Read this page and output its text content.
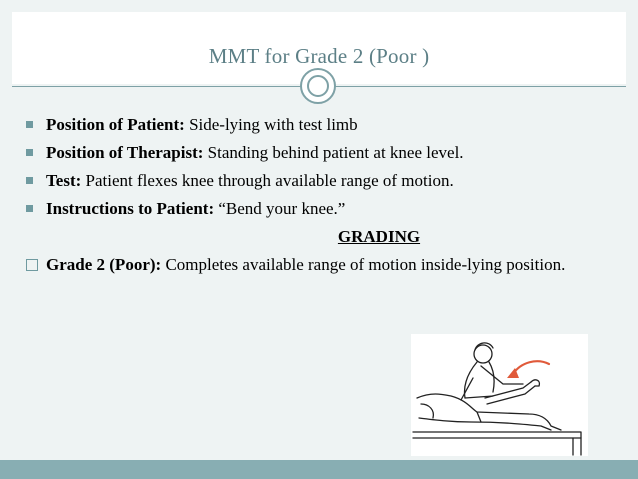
MMT for Grade 2 (Poor )
Position of Patient: Side-lying with test limb
Position of Therapist: Standing behind patient at knee level.
Test: Patient flexes knee through available range of motion.
Instructions to Patient: “Bend your knee.”
GRADING
Grade 2 (Poor): Completes available range of motion inside-lying position.
